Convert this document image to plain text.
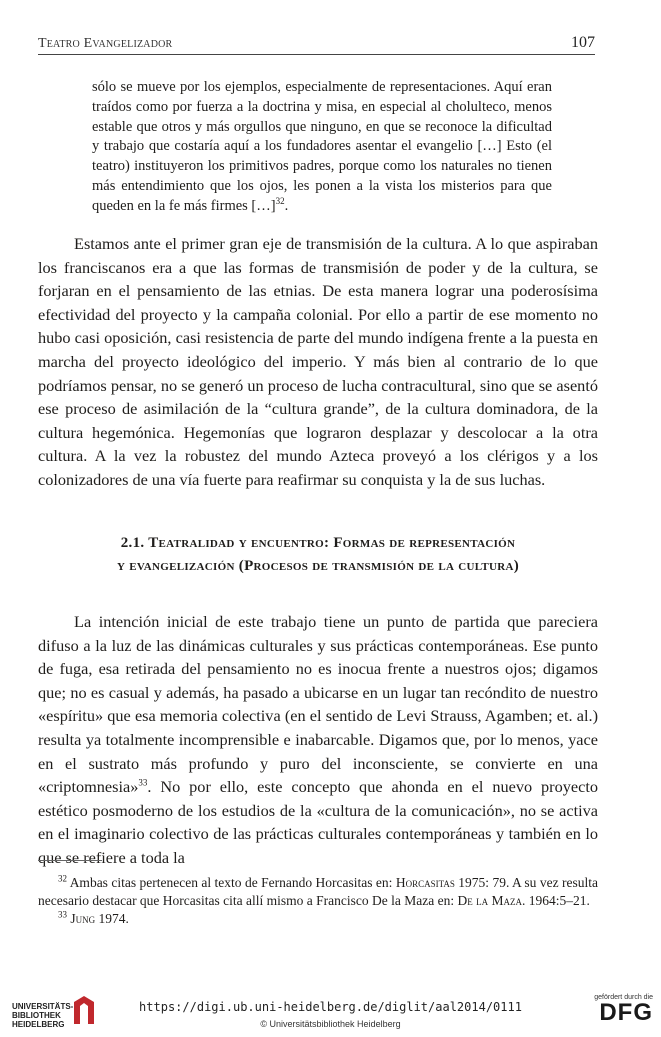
Teatro Evangelizador	107
sólo se mueve por los ejemplos, especialmente de representaciones. Aquí eran traídos como por fuerza a la doctrina y misa, en especial al cholulteco, menos estable que otros y más orgullos que ninguno, en que se reconoce la dificultad y trabajo que costaría aquí a los fundadores asentar el evangelio […] Esto (el teatro) instituyeron los primitivos padres, porque como los naturales no tienen más entendimiento que los ojos, les ponen a la vista los misterios para que queden en la fe más firmes […]$^{32}$.

Estamos ante el primer gran eje de transmisión de la cultura. A lo que aspiraban los franciscanos era a que las formas de transmisión de poder y de la cultura, se forjaran en el pensamiento de las etnias. De esta manera lograr una poderosísima efectividad del proyecto y la campaña colonial. Por ello a partir de ese momento no hubo casi oposición, casi resistencia de parte del mundo indígena frente a la puesta en marcha del proyecto ideológico del imperio. Y más bien al contrario de lo que podríamos pensar, no se generó un proceso de lucha contracultural, sino que se asentó ese proceso de asimilación de la “cultura grande”, de la cultura dominadora, de la cultura hegemónica. Hegemonías que lograron desplazar y descolocar a la otra cultura. A la vez la robustez del mundo Azteca proveyó a los clérigos y a los colonizadores de una vía fuerte para reafirmar su conquista y la de sus luchas.

2.1. Teatralidad y encuentro: Formas de representación
y evangelización (Procesos de transmisión de la cultura)

La intención inicial de este trabajo tiene un punto de partida que pareciera difuso a la luz de las dinámicas culturales y sus prácticas contemporáneas. Ese punto de fuga, esa retirada del pensamiento no es inocua frente a nuestros ojos; digamos que; no es casual y además, ha pasado a ubicarse en un lugar tan recóndito de nuestro «espíritu» que esa memoria colectiva (en el sentido de Levi Strauss, Agamben; et. al.) resulta ya totalmente incomprensible e inabarcable. Digamos que, por lo menos, yace en el sustrato más profundo y puro del inconsciente, se convierte en una «criptomnesia»$^{33}$. No por ello, este concepto que ahonda en el nuevo proyecto estético posmoderno de los estudios de la «cultura de la comunicación», no se activa en el imaginario colectivo de las prácticas culturales contemporáneas y también en lo que se refiere a toda la

$^{32}$ Ambas citas pertenecen al texto de Fernando Horcasitas en: Horcasitas 1975: 79. A su vez resulta necesario destacar que Horcasitas cita allí mismo a Francisco De la Maza en: De la Maza. 1964:5–21.

$^{33}$ Jung 1974.

UNIVERSITÄTS-
BIBLIOTHEK
HEIDELBERG
https://digi.ub.uni-heidelberg.de/diglit/aal2014/0111
© Universitätsbibliothek Heidelberg
gefördert durch die
DFG
